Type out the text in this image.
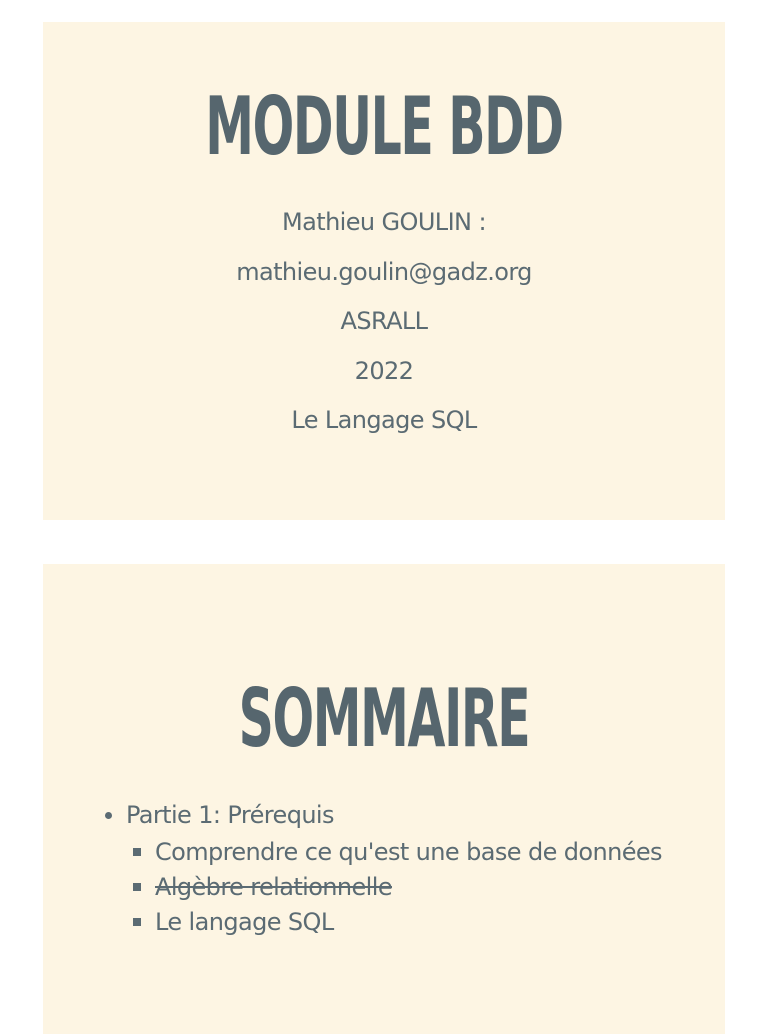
MODULE BDD
Mathieu GOULIN :
mathieu.goulin@gadz.org
ASRALL
2022
Le Langage SQL
SOMMAIRE
Partie 1: Prérequis
Comprendre ce qu'est une base de données
Algèbre relationnelle
Le langage SQL
